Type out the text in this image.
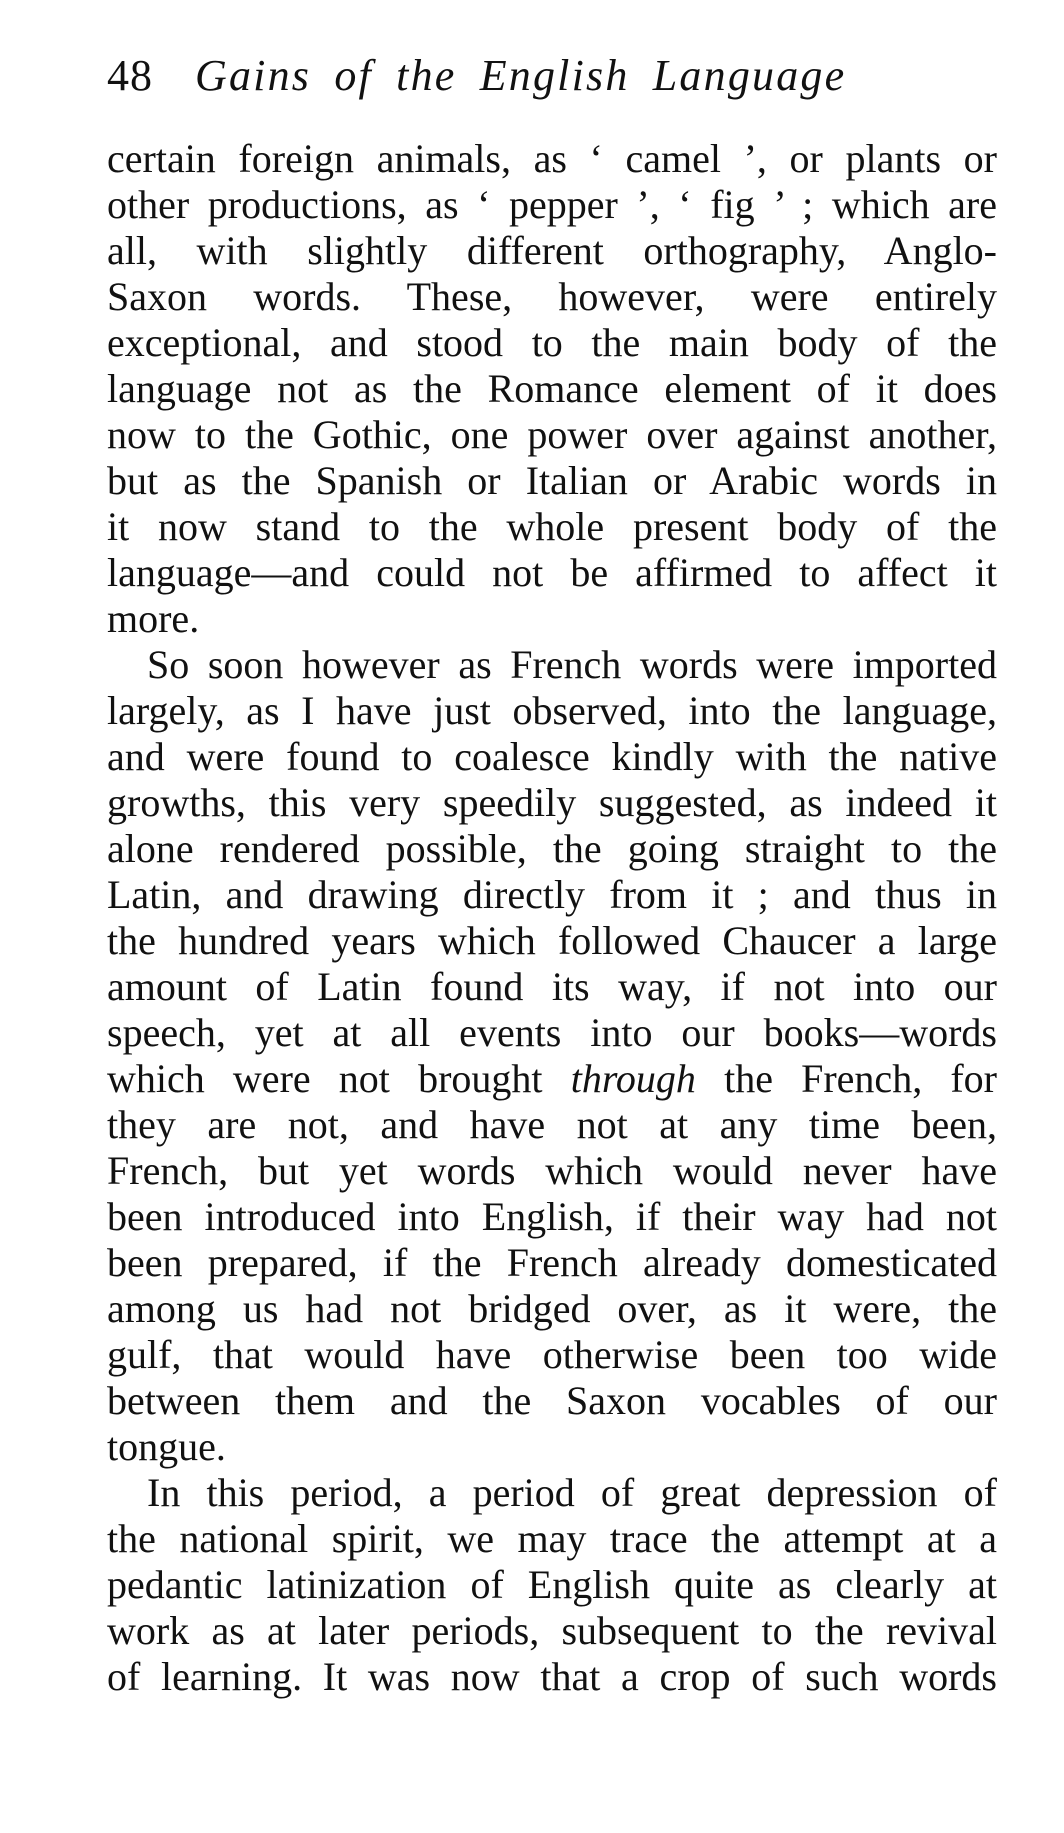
48 Gains of the English Language
certain foreign animals, as ‘ camel ’, or plants or
other productions, as ‘ pepper ’, ‘ fig ’ ; which are
all, with slightly different orthography, Anglo-
Saxon words. These, however, were entirely
exceptional, and stood to the main body of the
language not as the Romance element of it does
now to the Gothic, one power over against another,
but as the Spanish or Italian or Arabic words in
it now stand to the whole present body of the
language—and could not be affirmed to affect it
more.
So soon however as French words were imported
largely, as I have just observed, into the language,
and were found to coalesce kindly with the native
growths, this very speedily suggested, as indeed it
alone rendered possible, the going straight to the
Latin, and drawing directly from it ; and thus in
the hundred years which followed Chaucer a large
amount of Latin found its way, if not into our
speech, yet at all events into our books—words
which were not brought through the French, for
they are not, and have not at any time been,
French, but yet words which would never have
been introduced into English, if their way had not
been prepared, if the French already domesticated
among us had not bridged over, as it were, the
gulf, that would have otherwise been too wide
between them and the Saxon vocables of our
tongue.
In this period, a period of great depression of
the national spirit, we may trace the attempt at a
pedantic latinization of English quite as clearly at
work as at later periods, subsequent to the revival
of learning. It was now that a crop of such words
